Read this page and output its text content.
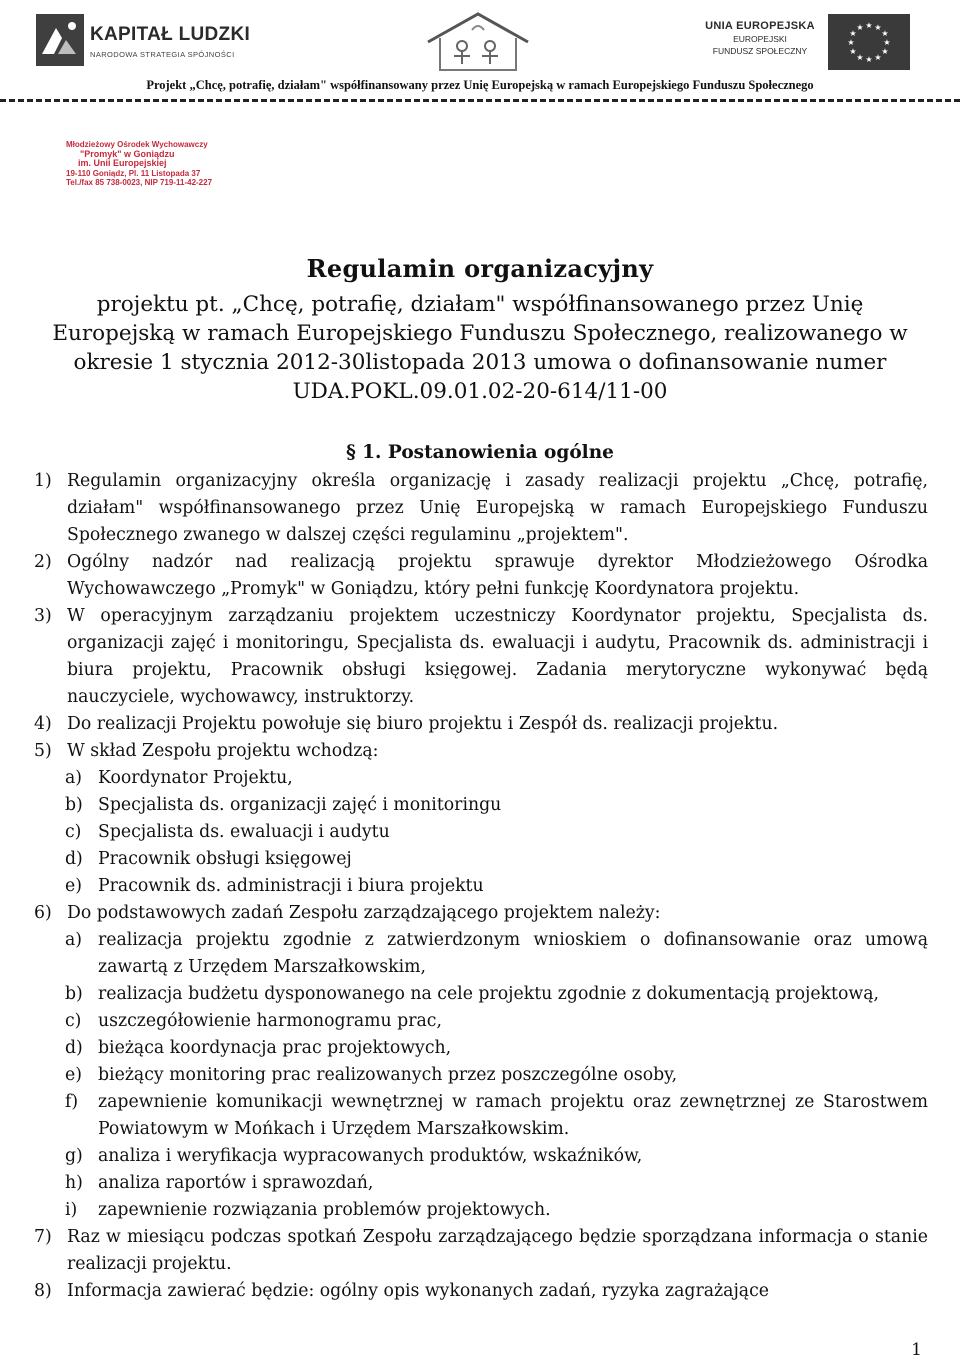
KAPITAŁ LUDZKI
NARODOWA STRATEGIA SPÓJNOŚCI
UNIA EUROPEJSKA
EUROPEJSKI
FUNDUSZ SPOŁECZNY
★ ★
★
★
★
★
★
★
★
★
★
★
Projekt „Chcę, potrafię, działam" współfinansowany przez Unię Europejską w ramach Europejskiego Funduszu Społecznego
Młodzieżowy Ośrodek Wychowawczy
"Promyk" w Goniądzu
im. Unii Europejskiej
19-110 Goniądz, Pl. 11 Listopada 37
Tel./fax 85 738-0023, NIP 719-11-42-227
Regulamin organizacyjny
projektu pt. „Chcę, potrafię, działam" współfinansowanego przez Unię
Europejską w ramach Europejskiego Funduszu Społecznego, realizowanego w
okresie 1 stycznia 2012-30listopada 2013 umowa o dofinansowanie numer
UDA.POKL.09.01.02-20-614/11-00
§ 1. Postanowienia ogólne
1) Regulamin organizacyjny określa organizację i zasady realizacji projektu „Chcę, potrafię, działam" współfinansowanego przez Unię Europejską w ramach Europejskiego Funduszu Społecznego zwanego w dalszej części regulaminu „projektem".
2) Ogólny nadzór nad realizacją projektu sprawuje dyrektor Młodzieżowego Ośrodka Wychowawczego „Promyk" w Goniądzu, który pełni funkcję Koordynatora projektu.
3) W operacyjnym zarządzaniu projektem uczestniczy Koordynator projektu, Specjalista ds. organizacji zajęć i monitoringu, Specjalista ds. ewaluacji i audytu, Pracownik ds. administracji i biura projektu, Pracownik obsługi księgowej. Zadania merytoryczne wykonywać będą nauczyciele, wychowawcy, instruktorzy.
4) Do realizacji Projektu powołuje się biuro projektu i Zespół ds. realizacji projektu.
5) W skład Zespołu projektu wchodzą:
a) Koordynator Projektu,
b) Specjalista ds. organizacji zajęć i monitoringu
c) Specjalista ds. ewaluacji i audytu
d) Pracownik obsługi księgowej
e) Pracownik ds. administracji i biura projektu
6) Do podstawowych zadań Zespołu zarządzającego projektem należy:
a) realizacja projektu zgodnie z zatwierdzonym wnioskiem o dofinansowanie oraz umową zawartą z Urzędem Marszałkowskim,
b) realizacja budżetu dysponowanego na cele projektu zgodnie z dokumentacją projektową,
c) uszczegółowienie harmonogramu prac,
d) bieżąca koordynacja prac projektowych,
e) bieżący monitoring prac realizowanych przez poszczególne osoby,
f) zapewnienie komunikacji wewnętrznej w ramach projektu oraz zewnętrznej ze Starostwem Powiatowym w Mońkach i Urzędem Marszałkowskim.
g) analiza i weryfikacja wypracowanych produktów, wskaźników,
h) analiza raportów i sprawozdań,
i) zapewnienie rozwiązania problemów projektowych.
7) Raz w miesiącu podczas spotkań Zespołu zarządzającego będzie sporządzana informacja o stanie realizacji projektu.
8) Informacja zawierać będzie: ogólny opis wykonanych zadań, ryzyka zagrażające
1
